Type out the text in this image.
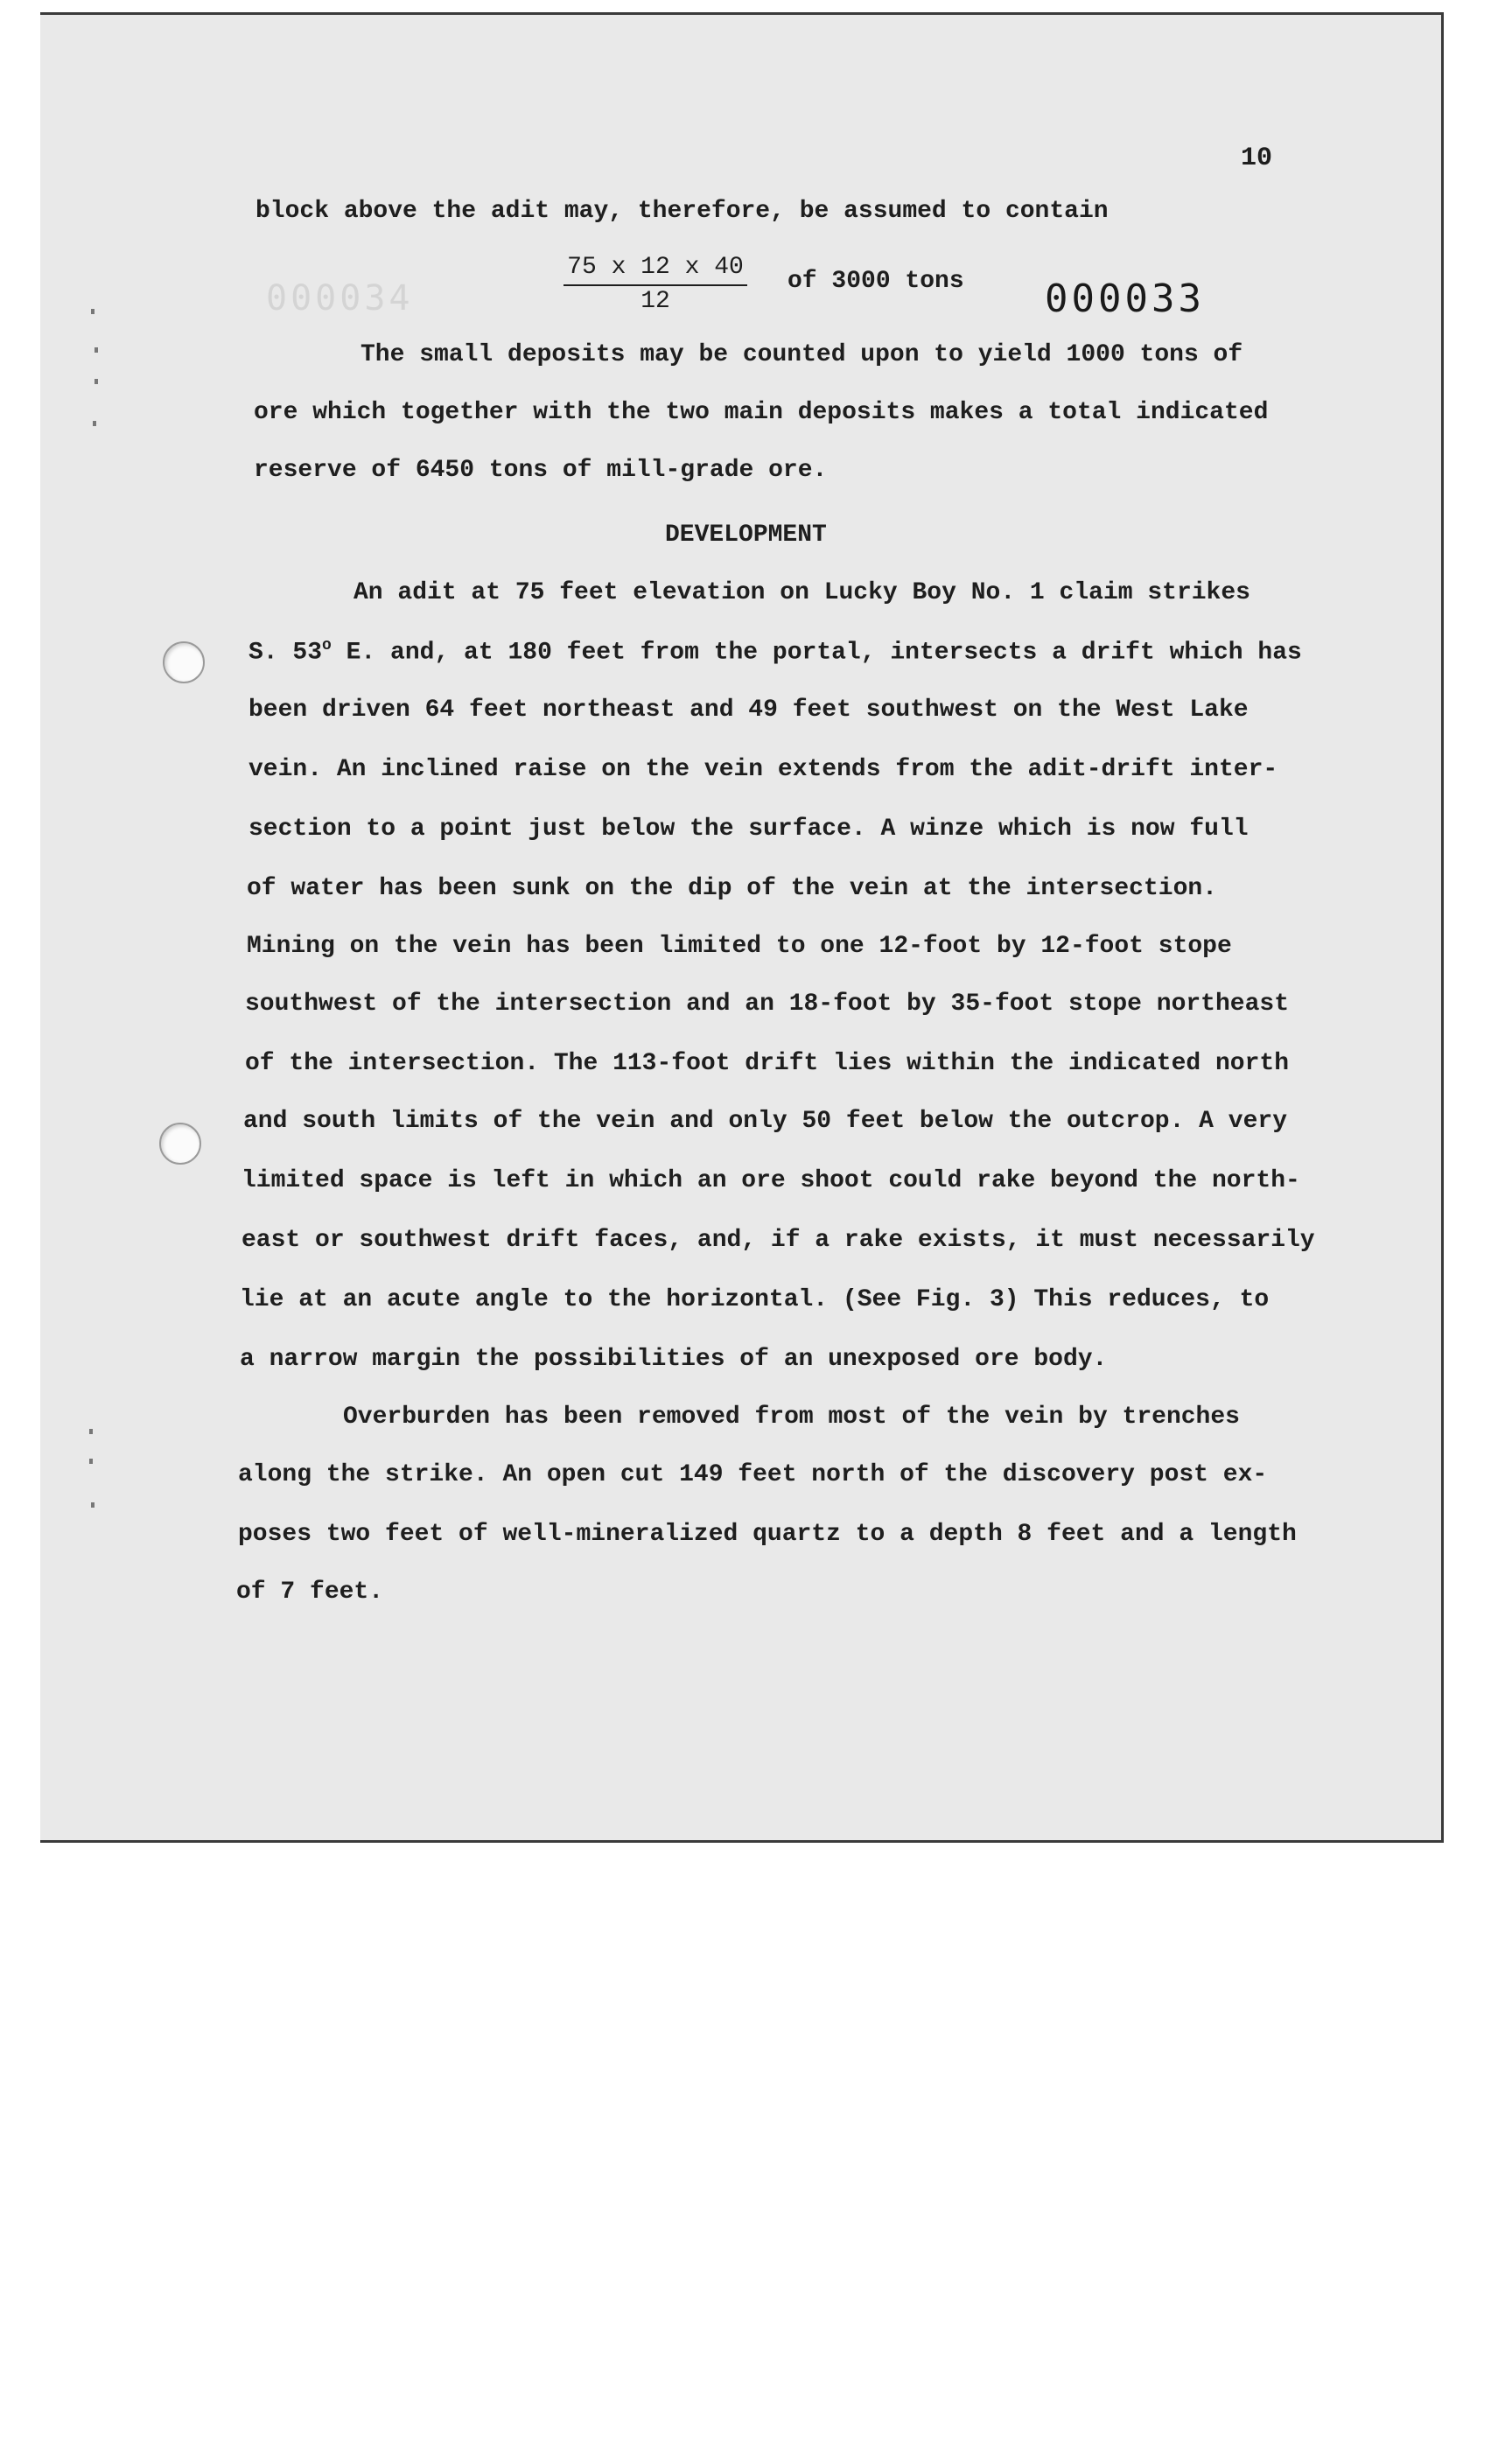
10
block above the adit may, therefore, be assumed to contain
$\frac{75 x 12 x 40}{12}$ of 3000 tons
000034	000033
The small deposits may be counted upon to yield 1000 tons of
ore which together with the two main deposits makes a total indicated
reserve of 6450 tons of mill-grade ore.
DEVELOPMENT
An adit at 75 feet elevation on Lucky Boy No. 1 claim strikes
S. 53$^o$ E. and, at 180 feet from the portal, intersects a drift which has
been driven 64 feet northeast and 49 feet southwest on the West Lake
vein. An inclined raise on the vein extends from the adit-drift inter-
section to a point just below the surface. A winze which is now full
of water has been sunk on the dip of the vein at the intersection.
Mining on the vein has been limited to one 12-foot by 12-foot stope
southwest of the intersection and an 18-foot by 35-foot stope northeast
of the intersection. The 113-foot drift lies within the indicated north
and south limits of the vein and only 50 feet below the outcrop. A very
limited space is left in which an ore shoot could rake beyond the north-
east or southwest drift faces, and, if a rake exists, it must necessarily
lie at an acute angle to the horizontal. (See Fig. 3) This reduces, to
a narrow margin the possibilities of an unexposed ore body.
Overburden has been removed from most of the vein by trenches
along the strike. An open cut 149 feet north of the discovery post ex-
poses two feet of well-mineralized quartz to a depth 8 feet and a length
of 7 feet.
